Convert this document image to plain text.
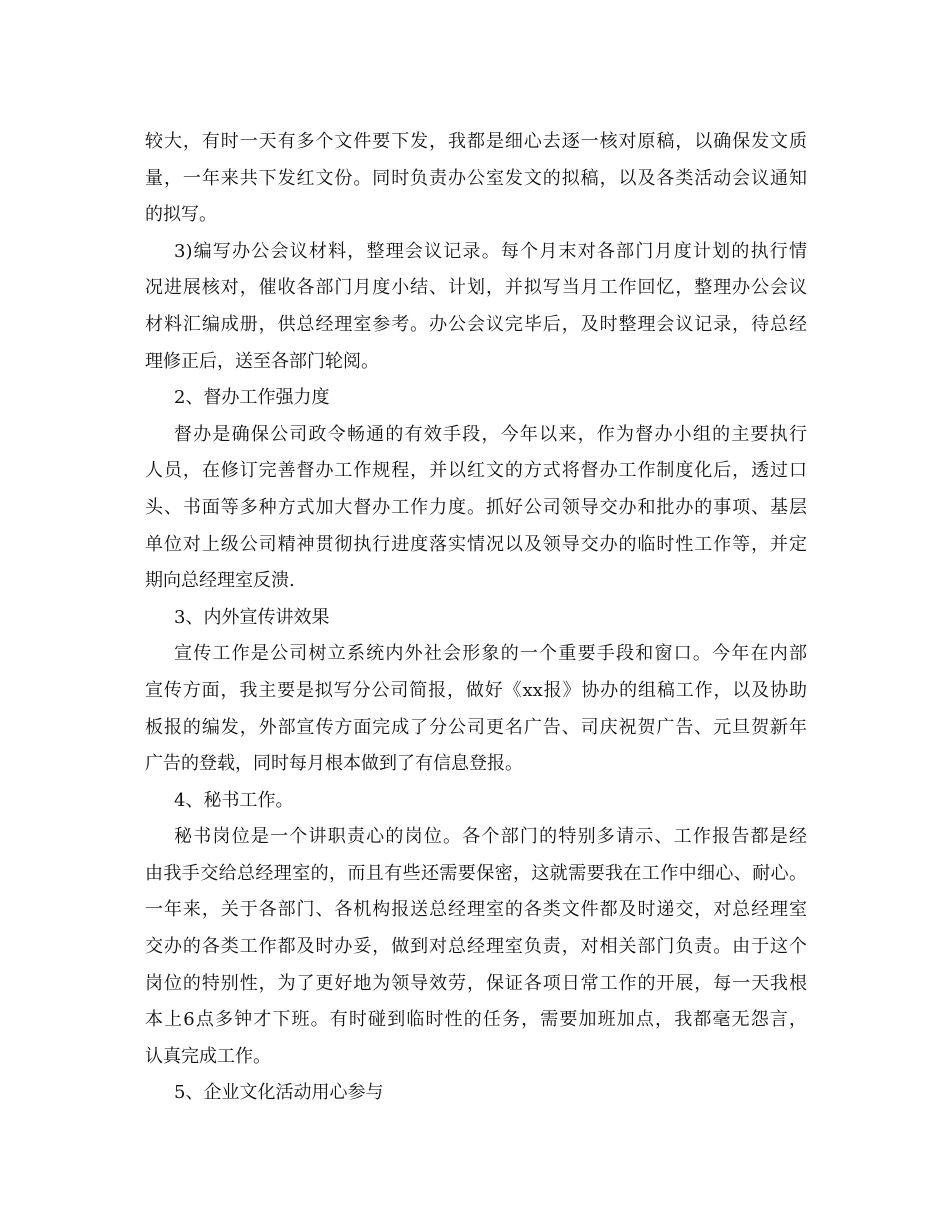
较大，有时一天有多个文件要下发，我都是细心去逐一核对原稿，以确保发文质
量，一年来共下发红文份。同时负责办公室发文的拟稿，以及各类活动会议通知
的拟写。
3)编写办公会议材料，整理会议记录。每个月末对各部门月度计划的执行情
况进展核对，催收各部门月度小结、计划，并拟写当月工作回忆，整理办公会议
材料汇编成册，供总经理室参考。办公会议完毕后，及时整理会议记录，待总经
理修正后，送至各部门轮阅。
2、督办工作强力度
督办是确保公司政令畅通的有效手段，今年以来，作为督办小组的主要执行
人员，在修订完善督办工作规程，并以红文的方式将督办工作制度化后，透过口
头、书面等多种方式加大督办工作力度。抓好公司领导交办和批办的事项、基层
单位对上级公司精神贯彻执行进度落实情况以及领导交办的临时性工作等，并定
期向总经理室反溃.
3、内外宣传讲效果
宣传工作是公司树立系统内外社会形象的一个重要手段和窗口。今年在内部
宣传方面，我主要是拟写分公司简报，做好《xx报》协办的组稿工作，以及协助
板报的编发，外部宣传方面完成了分公司更名广告、司庆祝贺广告、元旦贺新年
广告的登载，同时每月根本做到了有信息登报。
4、秘书工作。
秘书岗位是一个讲职责心的岗位。各个部门的特别多请示、工作报告都是经
由我手交给总经理室的，而且有些还需要保密，这就需要我在工作中细心、耐心。
一年来，关于各部门、各机构报送总经理室的各类文件都及时递交，对总经理室
交办的各类工作都及时办妥，做到对总经理室负责，对相关部门负责。由于这个
岗位的特别性，为了更好地为领导效劳，保证各项日常工作的开展，每一天我根
本上6点多钟才下班。有时碰到临时性的任务，需要加班加点，我都毫无怨言，
认真完成工作。
5、企业文化活动用心参与
